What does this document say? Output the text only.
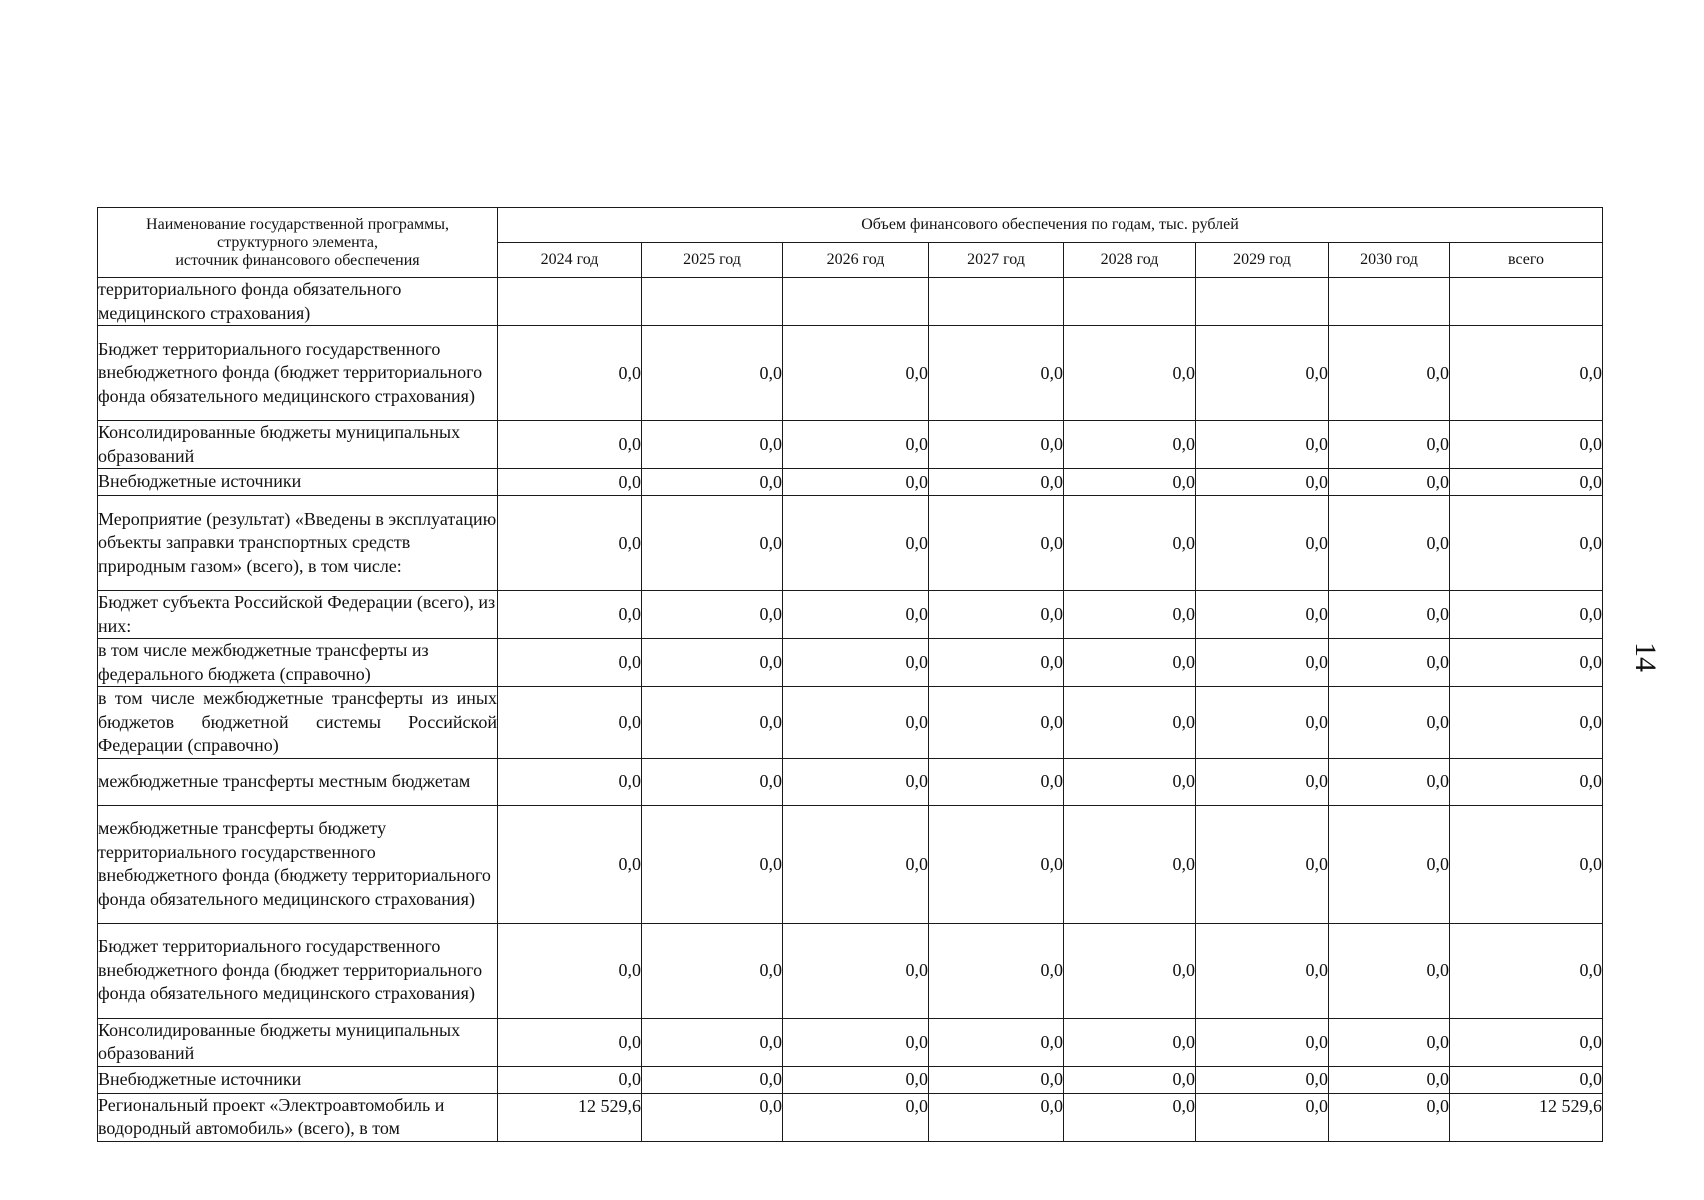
14
Наименование государственной программы,
структурного элемента,
источник финансового обеспечения	Объем финансового обеспечения по годам, тыс. рублей							
	2024 год	2025 год	2026 год	2027 год	2028 год	2029 год	2030 год	всего
территориального фонда обязательного медицинского страхования)								
Бюджет территориального государственного внебюджетного фонда (бюджет территориального фонда обязательного медицинского страхования)	0,0	0,0	0,0	0,0	0,0	0,0	0,0	0,0
Консолидированные бюджеты муниципальных образований	0,0	0,0	0,0	0,0	0,0	0,0	0,0	0,0
Внебюджетные источники	0,0	0,0	0,0	0,0	0,0	0,0	0,0	0,0
Мероприятие (результат) «Введены в эксплуатацию объекты заправки транспортных средств природным газом» (всего), в том числе:	0,0	0,0	0,0	0,0	0,0	0,0	0,0	0,0
Бюджет субъекта Российской Федерации (всего), из них:	0,0	0,0	0,0	0,0	0,0	0,0	0,0	0,0
в том числе межбюджетные трансферты из федерального бюджета (справочно)	0,0	0,0	0,0	0,0	0,0	0,0	0,0	0,0
в том числе межбюджетные трансферты из иных бюджетов бюджетной системы Российской Федерации (справочно)	0,0	0,0	0,0	0,0	0,0	0,0	0,0	0,0
межбюджетные трансферты местным бюджетам	0,0	0,0	0,0	0,0	0,0	0,0	0,0	0,0
межбюджетные трансферты бюджету территориального государственного внебюджетного фонда (бюджету территориального фонда обязательного медицинского страхования)	0,0	0,0	0,0	0,0	0,0	0,0	0,0	0,0
Бюджет территориального государственного внебюджетного фонда (бюджет территориального фонда обязательного медицинского страхования)	0,0	0,0	0,0	0,0	0,0	0,0	0,0	0,0
Консолидированные бюджеты муниципальных образований	0,0	0,0	0,0	0,0	0,0	0,0	0,0	0,0
Внебюджетные источники	0,0	0,0	0,0	0,0	0,0	0,0	0,0	0,0
Региональный проект «Электроавтомобиль и водородный автомобиль» (всего), в том	12 529,6	0,0	0,0	0,0	0,0	0,0	0,0	12 529,6
